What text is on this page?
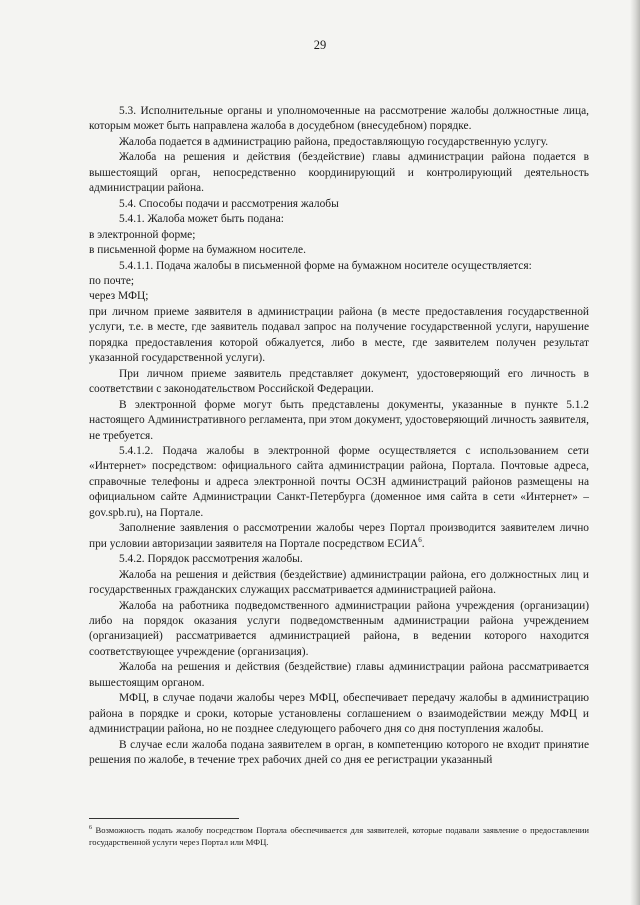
29

5.3. Исполнительные органы и уполномоченные на рассмотрение жалобы должностные лица, которым может быть направлена жалоба в досудебном (внесудебном) порядке.

Жалоба подается в администрацию района, предоставляющую государственную услугу.

Жалоба на решения и действия (бездействие) главы администрации района подается в вышестоящий орган, непосредственно координирующий и контролирующий деятельность администрации района.

5.4. Способы подачи и рассмотрения жалобы

5.4.1. Жалоба может быть подана:

в электронной форме;

в письменной форме на бумажном носителе.

5.4.1.1. Подача жалобы в письменной форме на бумажном носителе осуществляется:

по почте;

через МФЦ;

при личном приеме заявителя в администрации района (в месте предоставления государственной услуги, т.е. в месте, где заявитель подавал запрос на получение государственной услуги, нарушение порядка предоставления которой обжалуется, либо в месте, где заявителем получен результат указанной государственной услуги).

При личном приеме заявитель представляет документ, удостоверяющий его личность в соответствии с законодательством Российской Федерации.

В электронной форме могут быть представлены документы, указанные в пункте 5.1.2 настоящего Административного регламента, при этом документ, удостоверяющий личность заявителя, не требуется.

5.4.1.2. Подача жалобы в электронной форме осуществляется с использованием сети «Интернет» посредством: официального сайта администрации района, Портала. Почтовые адреса, справочные телефоны и адреса электронной почты ОСЗН администраций районов размещены на официальном сайте Администрации Санкт-Петербурга (доменное имя сайта в сети «Интернет» – gov.spb.ru), на Портале.

Заполнение заявления о рассмотрении жалобы через Портал производится заявителем лично при условии авторизации заявителя на Портале посредством ЕСИА$^6$.

5.4.2. Порядок рассмотрения жалобы.

Жалоба на решения и действия (бездействие) администрации района, его должностных лиц и государственных гражданских служащих рассматривается администрацией района.

Жалоба на работника подведомственного администрации района учреждения (организации) либо на порядок оказания услуги подведомственным администрации района учреждением (организацией) рассматривается администрацией района, в ведении которого находится соответствующее учреждение (организация).

Жалоба на решения и действия (бездействие) главы администрации района рассматривается вышестоящим органом.

МФЦ, в случае подачи жалобы через МФЦ, обеспечивает передачу жалобы в администрацию района в порядке и сроки, которые установлены соглашением о взаимодействии между МФЦ и администрации района, но не позднее следующего рабочего дня со дня поступления жалобы.

В случае если жалоба подана заявителем в орган, в компетенцию которого не входит принятие решения по жалобе, в течение трех рабочих дней со дня ее регистрации указанный

$^6$ Возможность подать жалобу посредством Портала обеспечивается для заявителей, которые подавали заявление о предоставлении государственной услуги через Портал или МФЦ.
